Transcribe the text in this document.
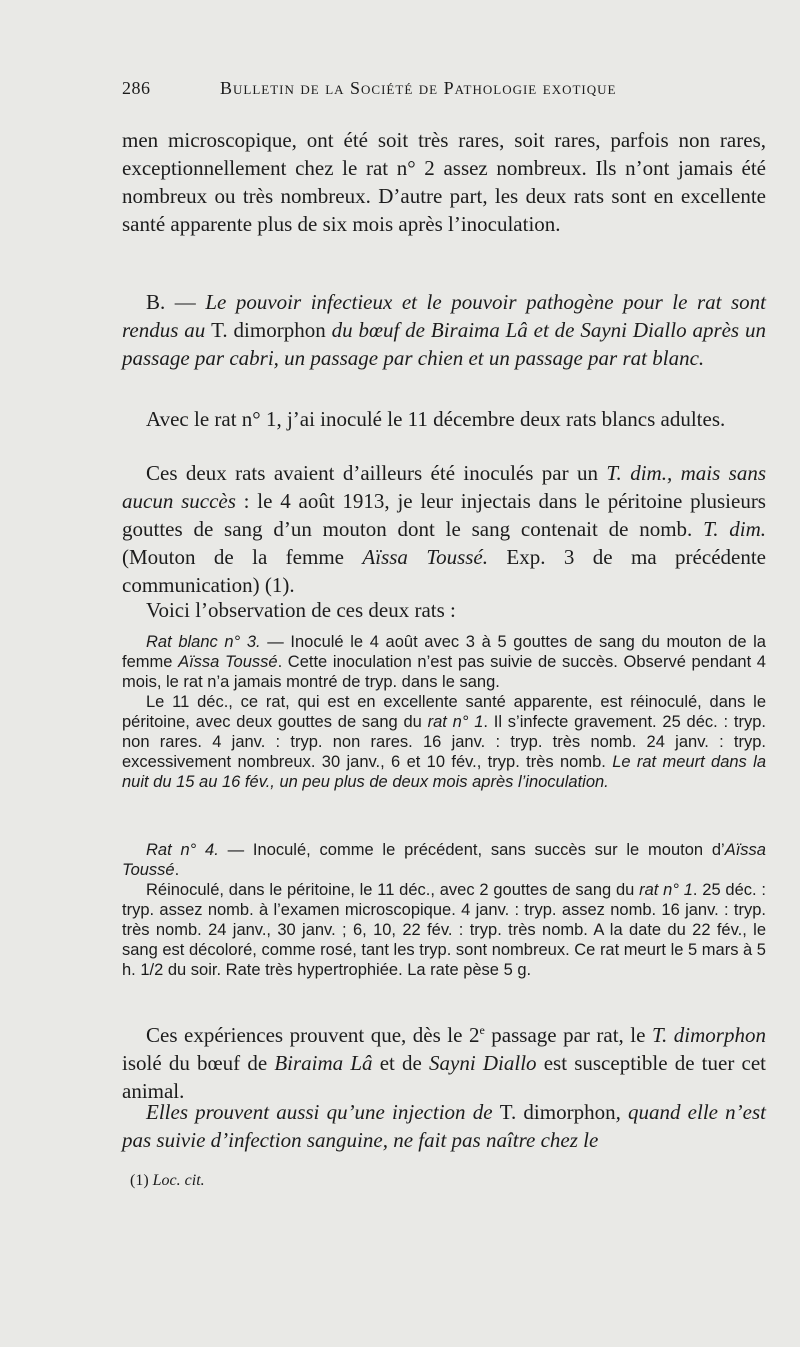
286	Bulletin de la Société de Pathologie exotique

men microscopique, ont été soit très rares, soit rares, parfois non rares, exceptionnellement chez le rat n° 2 assez nombreux. Ils n’ont jamais été nombreux ou très nombreux. D’autre part, les deux rats sont en excellente santé apparente plus de six mois après l’inoculation.

B. — Le pouvoir infectieux et le pouvoir pathogène pour le rat sont rendus au T. dimorphon du bœuf de Biraima Lâ et de Sayni Diallo après un passage par cabri, un passage par chien et un passage par rat blanc.

Avec le rat n° 1, j’ai inoculé le 11 décembre deux rats blancs adultes.

Ces deux rats avaient d’ailleurs été inoculés par un T. dim., mais sans aucun succès : le 4 août 1913, je leur injectais dans le péritoine plusieurs gouttes de sang d’un mouton dont le sang contenait de nomb. T. dim. (Mouton de la femme Aïssa Toussé. Exp. 3 de ma précédente communication) (1).

Voici l’observation de ces deux rats :

Rat blanc n° 3. — Inoculé le 4 août avec 3 à 5 gouttes de sang du mouton de la femme Aïssa Toussé. Cette inoculation n’est pas suivie de succès. Observé pendant 4 mois, le rat n’a jamais montré de tryp. dans le sang.

Le 11 déc., ce rat, qui est en excellente santé apparente, est réinoculé, dans le péritoine, avec deux gouttes de sang du rat n° 1. Il s’infecte gravement. 25 déc. : tryp. non rares. 4 janv. : tryp. non rares. 16 janv. : tryp. très nomb. 24 janv. : tryp. excessivement nombreux. 30 janv., 6 et 10 fév., tryp. très nomb. Le rat meurt dans la nuit du 15 au 16 fév., un peu plus de deux mois après l’inoculation.

Rat n° 4. — Inoculé, comme le précédent, sans succès sur le mouton d’Aïssa Toussé.

Réinoculé, dans le péritoine, le 11 déc., avec 2 gouttes de sang du rat n° 1. 25 déc. : tryp. assez nomb. à l’examen microscopique. 4 janv. : tryp. assez nomb. 16 janv. : tryp. très nomb. 24 janv., 30 janv. ; 6, 10, 22 fév. : tryp. très nomb. A la date du 22 fév., le sang est décoloré, comme rosé, tant les tryp. sont nombreux. Ce rat meurt le 5 mars à 5 h. 1/2 du soir. Rate très hypertrophiée. La rate pèse 5 g.

Ces expériences prouvent que, dès le 2e passage par rat, le T. dimorphon isolé du bœuf de Biraima Lâ et de Sayni Diallo est susceptible de tuer cet animal.

Elles prouvent aussi qu’une injection de T. dimorphon, quand elle n’est pas suivie d’infection sanguine, ne fait pas naître chez le

(1) Loc. cit.
